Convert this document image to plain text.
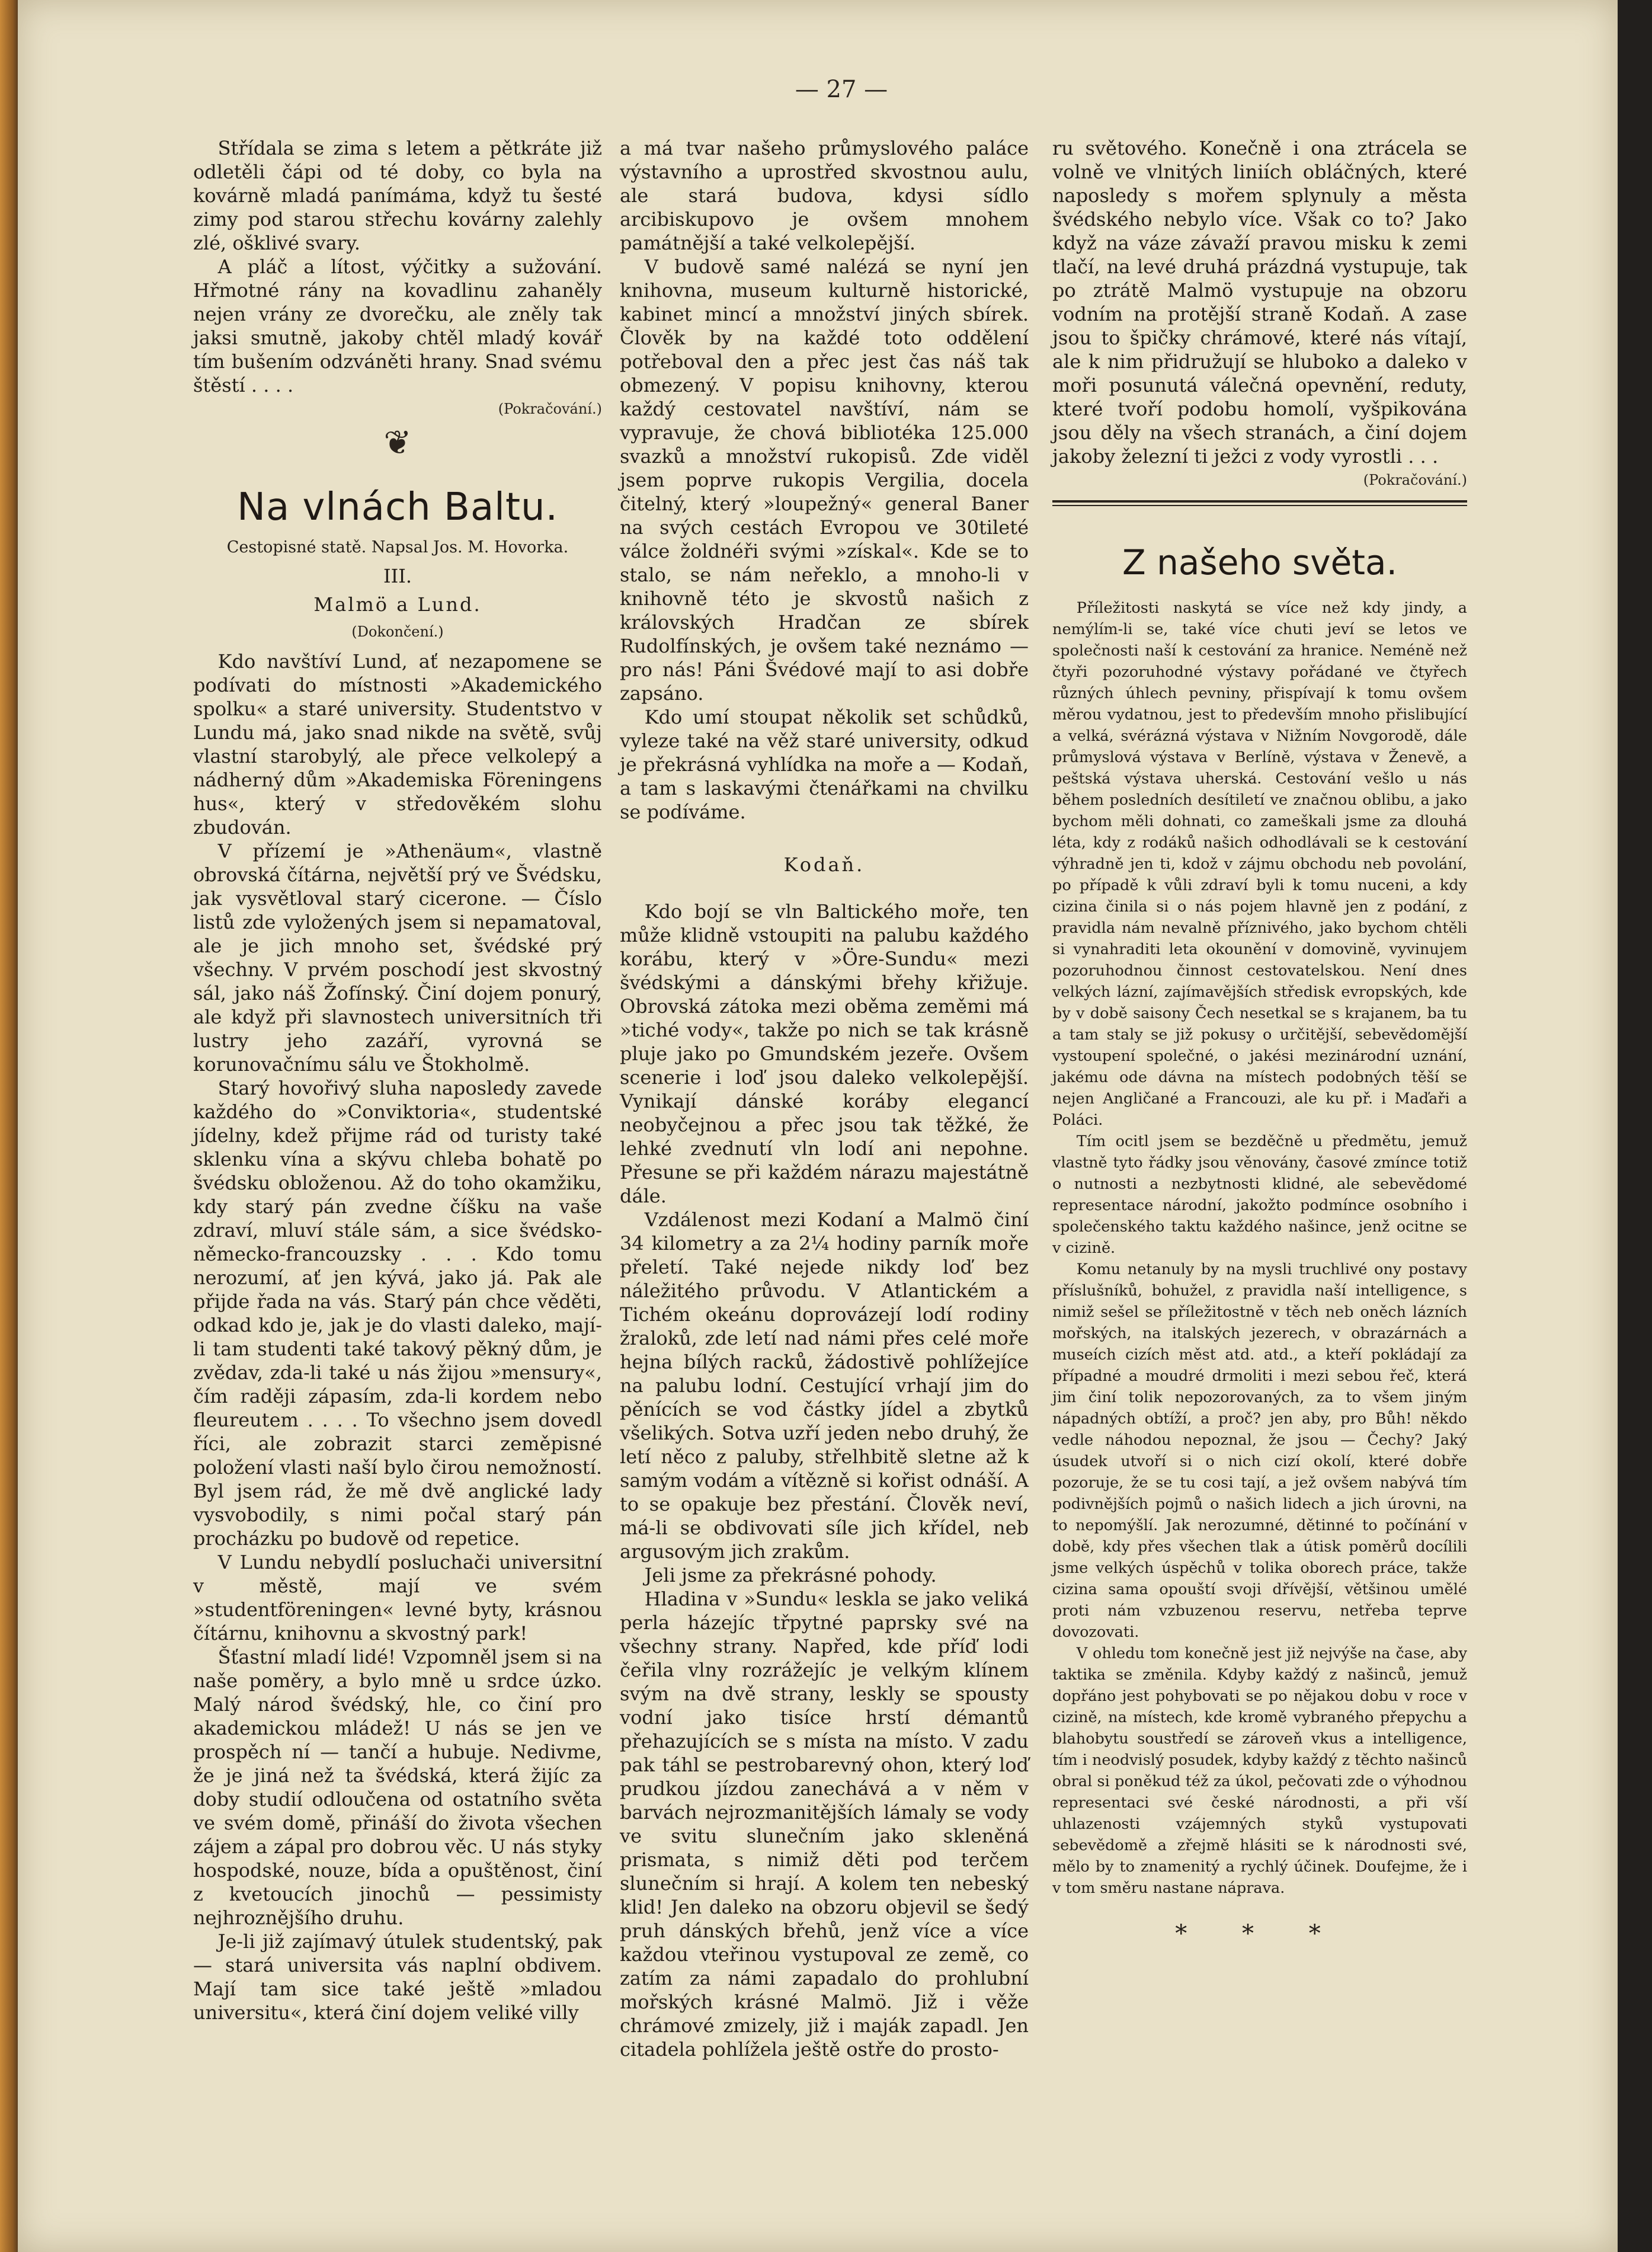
— 27 —

Střídala se zima s letem a pětkráte již odletěli čápi od té doby, co byla na kovárně mladá panímáma, když tu šesté zimy pod starou střechu kovárny zalehly zlé, ošklivé svary.

A pláč a lítost, výčitky a sužování. Hřmotné rány na kovadlinu zahaněly nejen vrány ze dvorečku, ale zněly tak jaksi smutně, jakoby chtěl mladý kovář tím bušením odzváněti hrany. Snad svému štěstí . . . .

(Pokračování.)
❦
Na vlnách Baltu.
Cestopisné statě. Napsal Jos. M. Hovorka.
III.
Malmö a Lund.
(Dokončení.)

Kdo navštíví Lund, ať nezapomene se podívati do místnosti »Akademického spolku« a staré university. Studentstvo v Lundu má, jako snad nikde na světě, svůj vlastní starobylý, ale přece velkolepý a nádherný dům »Akademiska Föreningens hus«, který v středověkém slohu zbudován.

V přízemí je »Athenäum«, vlastně obrovská čítárna, největší prý ve Švédsku, jak vysvětloval starý cicerone. — Číslo listů zde vyložených jsem si nepamatoval, ale je jich mnoho set, švédské prý všechny. V prvém poschodí jest skvostný sál, jako náš Žofínský. Činí dojem ponurý, ale když při slavnostech universitních tři lustry jeho zazáří, vyrovná se korunovačnímu sálu ve Štokholmě.

Starý hovořivý sluha naposledy zavede každého do »Conviktoria«, studentské jídelny, kdež přijme rád od turisty také sklenku vína a skývu chleba bohatě po švédsku obloženou. Až do toho okamžiku, kdy starý pán zvedne číšku na vaše zdraví, mluví stále sám, a sice švédsko-německo-francouzsky . . . Kdo tomu nerozumí, ať jen kývá, jako já. Pak ale přijde řada na vás. Starý pán chce věděti, odkad kdo je, jak je do vlasti daleko, mají-li tam studenti také takový pěkný dům, je zvědav, zda-li také u nás žijou »mensury«, čím raději zápasím, zda-li kordem nebo fleureutem . . . . To všechno jsem dovedl říci, ale zobrazit starci zeměpisné položení vlasti naší bylo čirou nemožností. Byl jsem rád, že mě dvě anglické lady vysvobodily, s nimi počal starý pán procházku po budově od repetice.

V Lundu nebydlí posluchači universitní v městě, mají ve svém »studentföreningen« levné byty, krásnou čítárnu, knihovnu a skvostný park!

Šťastní mladí lidé! Vzpomněl jsem si na naše poměry, a bylo mně u srdce úzko. Malý národ švédský, hle, co činí pro akademickou mládež! U nás se jen ve prospěch ní — tančí a hubuje. Nedivme, že je jiná než ta švédská, která žijíc za doby studií odloučena od ostatního světa ve svém domě, přináší do života všechen zájem a zápal pro dobrou věc. U nás styky hospodské, nouze, bída a opuštěnost, činí z kvetoucích jinochů — pessimisty nejhroznějšího druhu.

Je-li již zajímavý útulek studentský, pak — stará universita vás naplní obdivem. Mají tam sice také ještě »mladou universitu«, která činí dojem veliké villy

a má tvar našeho průmyslového paláce výstavního a uprostřed skvostnou aulu, ale stará budova, kdysi sídlo arcibiskupovo je ovšem mnohem památnější a také velkolepější.

V budově samé nalézá se nyní jen knihovna, museum kulturně historické, kabinet mincí a množství jiných sbírek. Člověk by na každé toto oddělení potřeboval den a přec jest čas náš tak obmezený. V popisu knihovny, kterou každý cestovatel navštíví, nám se vypravuje, že chová bibliotéka 125.000 svazků a množství rukopisů. Zde viděl jsem poprve rukopis Vergilia, docela čitelný, který »loupežný« general Baner na svých cestách Evropou ve 30tileté válce žoldnéři svými »získal«. Kde se to stalo, se nám neřeklo, a mnoho-li v knihovně této je skvostů našich z královských Hradčan ze sbírek Rudolfínských, je ovšem také neznámo — pro nás! Páni Švédové mají to asi dobře zapsáno.

Kdo umí stoupat několik set schůdků, vyleze také na věž staré university, odkud je překrásná vyhlídka na moře a — Kodaň, a tam s laskavými čtenářkami na chvilku se podíváme.

Kodaň.

Kdo bojí se vln Baltického moře, ten může klidně vstoupiti na palubu každého korábu, který v »Öre-Sundu« mezi švédskými a dánskými břehy křižuje. Obrovská zátoka mezi oběma zeměmi má »tiché vody«, takže po nich se tak krásně pluje jako po Gmundském jezeře. Ovšem scenerie i loď jsou daleko velkolepější. Vynikají dánské koráby elegancí neobyčejnou a přec jsou tak těžké, že lehké zvednutí vln lodí ani nepohne. Přesune se při každém nárazu majestátně dále.

Vzdálenost mezi Kodaní a Malmö činí 34 kilometry a za 2¼ hodiny parník moře přeletí. Také nejede nikdy loď bez náležitého průvodu. V Atlantickém a Tichém okeánu doprovázejí lodí rodiny žraloků, zde letí nad námi přes celé moře hejna bílých racků, žádostivě pohlížejíce na palubu lodní. Cestující vrhají jim do pěnících se vod částky jídel a zbytků všelikých. Sotva uzří jeden nebo druhý, že letí něco z paluby, střelhbitě sletne až k samým vodám a vítězně si kořist odnáší. A to se opakuje bez přestání. Člověk neví, má-li se obdivovati síle jich křídel, neb argusovým jich zrakům.

Jeli jsme za překrásné pohody.

Hladina v »Sundu« leskla se jako veliká perla házejíc třpytné paprsky své na všechny strany. Napřed, kde příď lodi čeřila vlny rozrážejíc je velkým klínem svým na dvě strany, leskly se spousty vodní jako tisíce hrstí démantů přehazujících se s místa na místo. V zadu pak táhl se pestrobarevný ohon, který loď prudkou jízdou zanechává a v něm v barvách nejrozmanitějších lámaly se vody ve svitu slunečním jako skleněná prismata, s nimiž děti pod terčem slunečním si hrají. A kolem ten nebeský klid! Jen daleko na obzoru objevil se šedý pruh dánských břehů, jenž více a více každou vteřinou vystupoval ze země, co zatím za námi zapadalo do prohlubní mořských krásné Malmö. Již i věže chrámové zmizely, již i maják zapadl. Jen citadela pohlížela ještě ostře do prosto-

ru světového. Konečně i ona ztrácela se volně ve vlnitých liniích obláčných, které naposledy s mořem splynuly a města švédského nebylo více. Však co to? Jako když na váze závaží pravou misku k zemi tlačí, na levé druhá prázdná vystupuje, tak po ztrátě Malmö vystupuje na obzoru vodním na protější straně Kodaň. A zase jsou to špičky chrámové, které nás vítají, ale k nim přidružují se hluboko a daleko v moři posunutá válečná opevnění, reduty, které tvoří podobu homolí, vyšpikována jsou děly na všech stranách, a činí dojem jakoby železní ti ježci z vody vyrostli . . .

(Pokračování.)
Z našeho světa.

Příležitosti naskytá se více než kdy jindy, a nemýlím-li se, také více chuti jeví se letos ve společnosti naší k cestování za hranice. Neméně než čtyři pozoruhodné výstavy pořádané ve čtyřech různých úhlech pevniny, přispívají k tomu ovšem měrou vydatnou, jest to především mnoho přislibující a velká, svérázná výstava v Nižním Novgorodě, dále průmyslová výstava v Berlíně, výstava v Ženevě, a peštská výstava uherská. Cestování vešlo u nás během posledních desítiletí ve značnou oblibu, a jako bychom měli dohnati, co zameškali jsme za dlouhá léta, kdy z rodáků našich odhodlávali se k cestování výhradně jen ti, kdož v zájmu obchodu neb povolání, po případě k vůli zdraví byli k tomu nuceni, a kdy cizina činila si o nás pojem hlavně jen z podání, z pravidla nám nevalně příznivého, jako bychom chtěli si vynahraditi leta okounění v domovině, vyvinujem pozoruhodnou činnost cestovatelskou. Není dnes velkých lázní, zajímavějších středisk evropských, kde by v době saisony Čech nesetkal se s krajanem, ba tu a tam staly se již pokusy o určitější, sebevědomější vystoupení společné, o jakési mezinárodní uznání, jakému ode dávna na místech podobných těší se nejen Angličané a Francouzi, ale ku př. i Maďaři a Poláci.

Tím ocitl jsem se bezděčně u předmětu, jemuž vlastně tyto řádky jsou věnovány, časové zmínce totiž o nutnosti a nezbytnosti klidné, ale sebevědomé representace národní, jakožto podmínce osobního i společenského taktu každého našince, jenž ocitne se v cizině.

Komu netanuly by na mysli truchlivé ony postavy příslušníků, bohužel, z pravidla naší intelligence, s nimiž sešel se příležitostně v těch neb oněch lázních mořských, na italských jezerech, v obrazárnách a museích cizích měst atd. atd., a kteří pokládají za případné a moudré drmoliti i mezi sebou řeč, která jim činí tolik nepozorovaných, za to všem jiným nápadných obtíží, a proč? jen aby, pro Bůh! někdo vedle náhodou nepoznal, že jsou — Čechy? Jaký úsudek utvoří si o nich cizí okolí, které dobře pozoruje, že se tu cosi tají, a jež ovšem nabývá tím podivnějších pojmů o našich lidech a jich úrovni, na to nepomýšlí. Jak nerozumné, dětinné to počínání v době, kdy přes všechen tlak a útisk poměrů docílili jsme velkých úspěchů v tolika oborech práce, takže cizina sama opouští svoji dřívější, většinou umělé proti nám vzbuzenou reservu, netřeba teprve dovozovati.

V ohledu tom konečně jest již nejvýše na čase, aby taktika se změnila. Kdyby každý z našinců, jemuž dopřáno jest pohybovati se po nějakou dobu v roce v cizině, na místech, kde kromě vybraného přepychu a blahobytu soustředí se zároveň vkus a intelligence, tím i neodvislý posudek, kdyby každý z těchto našinců obral si poněkud též za úkol, pečovati zde o výhodnou representaci své české národnosti, a při vší uhlazenosti vzájemných styků vystupovati sebevědomě a zřejmě hlásiti se k národnosti své, mělo by to znamenitý a rychlý účinek. Doufejme, že i v tom směru nastane náprava.

* * *
